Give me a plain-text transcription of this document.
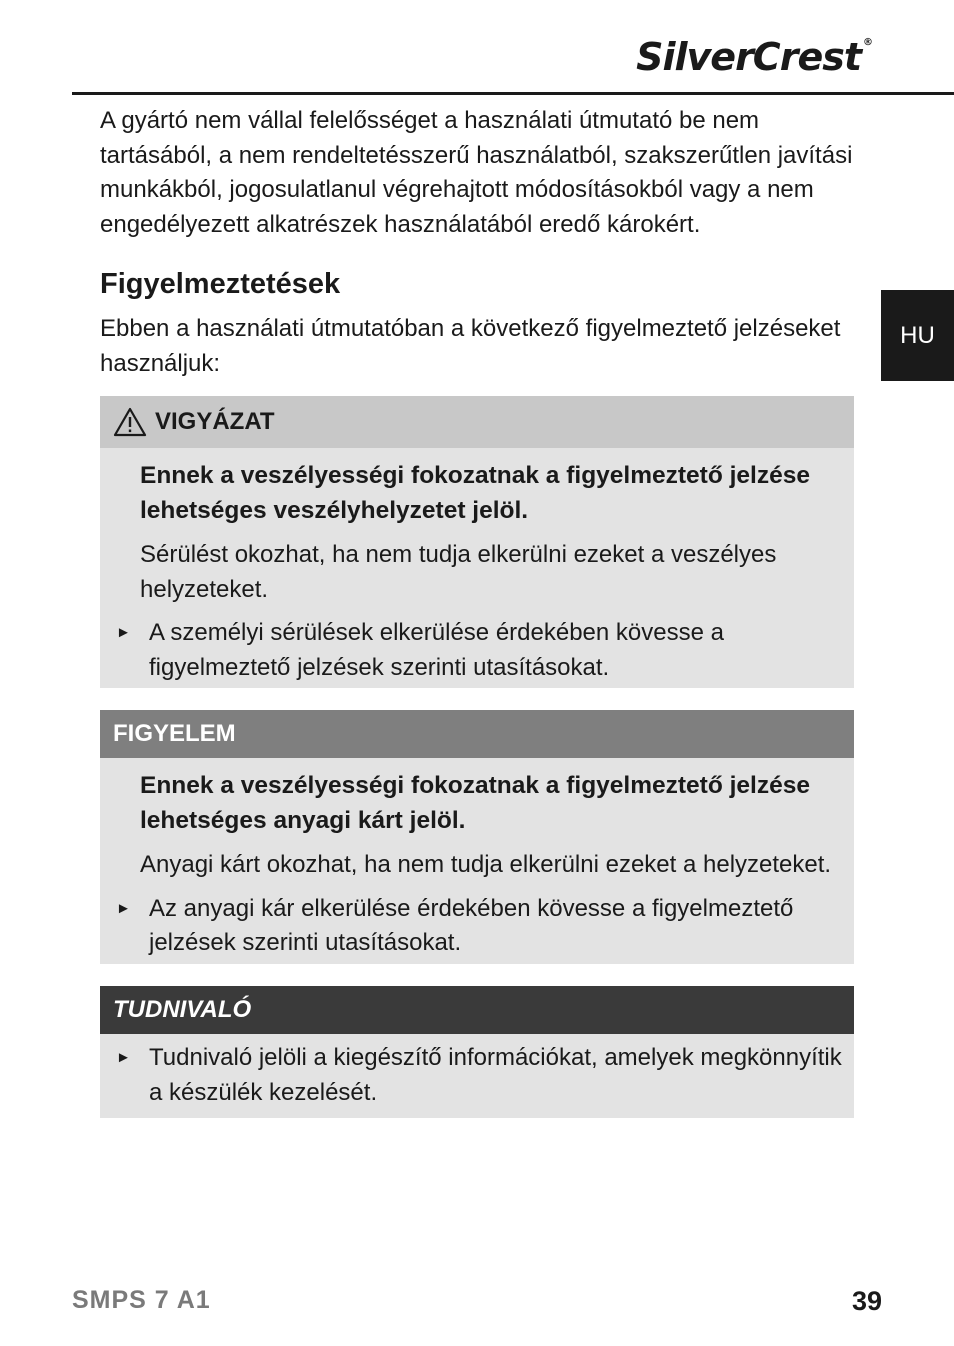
SilverCrest ®
HU

A gyártó nem vállal felelősséget a használati útmutató be nem tartásából, a nem rendeltetésszerű használatból, szakszerűtlen javítási munkákból, jogosulatlanul végrehajtott módosításokból vagy a nem engedélyezett alkatrészek használatából eredő károkért.

Figyelmeztetések

Ebben a használati útmutatóban a következő figyelmeztető jelzéseket használjuk:

VIGYÁZAT

Ennek a veszélyességi fokozatnak a figyelmeztető jelzése lehetséges veszélyhelyzetet jelöl.

Sérülést okozhat, ha nem tudja elkerülni ezeket a veszélyes helyzeteket.

► A személyi sérülések elkerülése érdekében kövesse a figyelmeztető jelzések szerinti utasításokat.

FIGYELEM

Ennek a veszélyességi fokozatnak a figyelmeztető jelzése lehetséges anyagi kárt jelöl.

Anyagi kárt okozhat, ha nem tudja elkerülni ezeket a helyzeteket.

► Az anyagi kár elkerülése érdekében kövesse a figyelmeztető jelzések szerinti utasításokat.

TUDNIVALÓ

► Tudnivaló jelöli a kiegészítő információkat, amelyek megkönnyítik a készülék kezelését.

SMPS 7 A1	39
